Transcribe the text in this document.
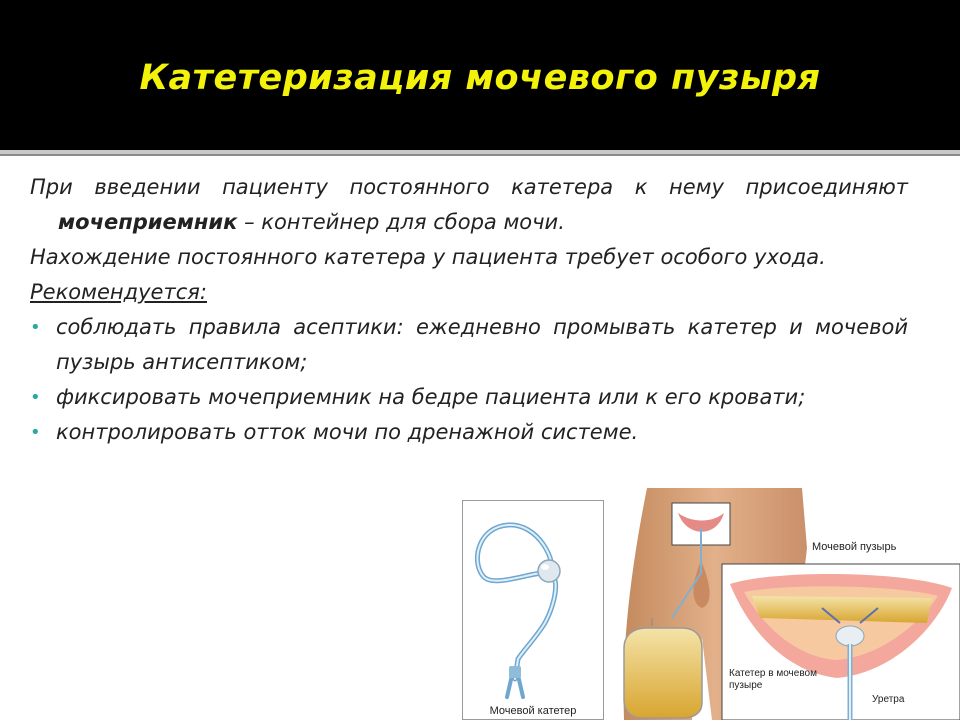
Катетеризация мочевого пузыря
При введении пациенту постоянного катетера к нему присоединяют мочеприемник – контейнер для сбора мочи.
Нахождение постоянного катетера у пациента требует особого ухода.
Рекомендуется:
• соблюдать правила асептики: ежедневно промывать катетер и мочевой пузырь антисептиком;
• фиксировать мочеприемник на бедре пациента или к его кровати;
• контролировать отток мочи по дренажной системе.
Мочевой катетер
Мочевой пузырь
Катетер в мочевом пузыре
Уретра
